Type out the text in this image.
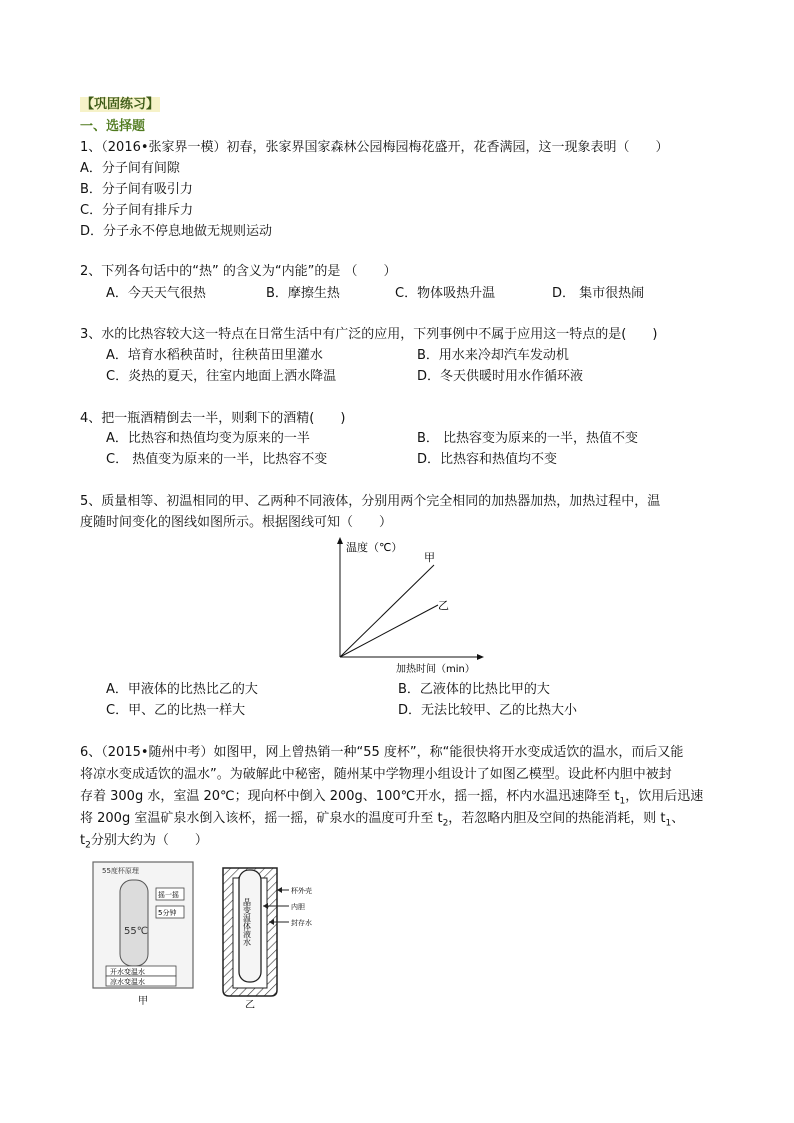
【巩固练习】
一、选择题
1、（2016•张家界一模）初春，张家界国家森林公园梅园梅花盛开，花香满园，这一现象表明（　　）
A．分子间有间隙
B．分子间有吸引力
C．分子间有排斥力
D．分子永不停息地做无规则运动
2、下列各句话中的“热” 的含义为“内能”的是 （　　）
A．今天天气很热	B．摩擦生热	C．物体吸热升温	D． 集市很热闹
3、水的比热容较大这一特点在日常生活中有广泛的应用，下列事例中不属于应用这一特点的是(　　)
A．培育水稻秧苗时，往秧苗田里灌水	B．用水来冷却汽车发动机
C．炎热的夏天，往室内地面上洒水降温	D．冬天供暖时用水作循环液
4、把一瓶酒精倒去一半，则剩下的酒精(　　)
A．比热容和热值均变为原来的一半	B． 比热容变为原来的一半，热值不变
C． 热值变为原来的一半，比热容不变	D．比热容和热值均不变
5、质量相等、初温相同的甲、乙两种不同液体，分别用两个完全相同的加热器加热，加热过程中，温
度随时间变化的图线如图所示。根据图线可知（　　）
温度（℃）
甲
乙
加热时间（min）
A．甲液体的比热比乙的大	B．乙液体的比热比甲的大
C．甲、乙的比热一样大	D．无法比较甲、乙的比热大小
6、（2015•随州中考）如图甲，网上曾热销一种“55 度杯”，称“能很快将开水变成适饮的温水，而后又能
将凉水变成适饮的温水”。为破解此中秘密，随州某中学物理小组设计了如图乙模型。设此杯内胆中被封
存着 300g 水，室温 20℃；现向杯中倒入 200g、100℃开水，摇一摇，杯内水温迅速降至 $t_1$，饮用后迅速
将 200g 室温矿泉水倒入该杯，摇一摇，矿泉水的温度可升至 $t_2$，若忽略内胆及空间的热能消耗，则 $t_1$、
$t_2$分别大约为（　　）
55度杯原理
55℃
摇一摇
5分钟
开水变温水
凉水变温水
甲
晶变温体液水
杯外壳
内胆
封存水
乙
